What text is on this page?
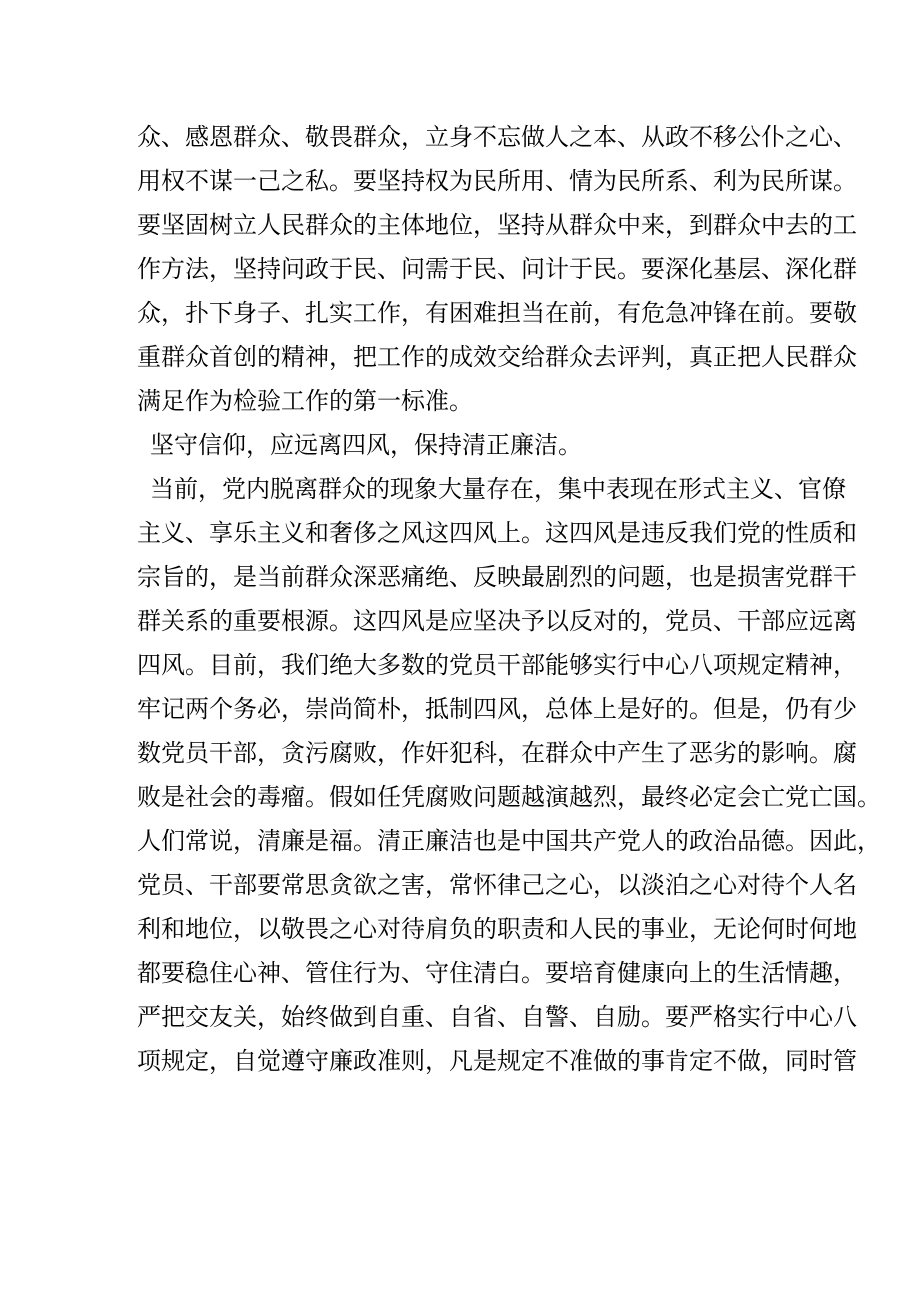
众、感恩群众、敬畏群众，立身不忘做人之本、从政不移公仆之心、
用权不谋一己之私。要坚持权为民所用、情为民所系、利为民所谋。
要坚固树立人民群众的主体地位，坚持从群众中来，到群众中去的工
作方法，坚持问政于民、问需于民、问计于民。要深化基层、深化群
众，扑下身子、扎实工作，有困难担当在前，有危急冲锋在前。要敬
重群众首创的精神，把工作的成效交给群众去评判，真正把人民群众
满足作为检验工作的第一标准。
坚守信仰，应远离四风，保持清正廉洁。
当前，党内脱离群众的现象大量存在，集中表现在形式主义、官僚
主义、享乐主义和奢侈之风这四风上。这四风是违反我们党的性质和
宗旨的，是当前群众深恶痛绝、反映最剧烈的问题，也是损害党群干
群关系的重要根源。这四风是应坚决予以反对的，党员、干部应远离
四风。目前，我们绝大多数的党员干部能够实行中心八项规定精神，
牢记两个务必，崇尚简朴，抵制四风，总体上是好的。但是，仍有少
数党员干部，贪污腐败，作奸犯科，在群众中产生了恶劣的影响。腐
败是社会的毒瘤。假如任凭腐败问题越演越烈，最终必定会亡党亡国。
人们常说，清廉是福。清正廉洁也是中国共产党人的政治品德。因此，
党员、干部要常思贪欲之害，常怀律己之心，以淡泊之心对待个人名
利和地位，以敬畏之心对待肩负的职责和人民的事业，无论何时何地
都要稳住心神、管住行为、守住清白。要培育健康向上的生活情趣，
严把交友关，始终做到自重、自省、自警、自励。要严格实行中心八
项规定，自觉遵守廉政准则，凡是规定不准做的事肯定不做，同时管
